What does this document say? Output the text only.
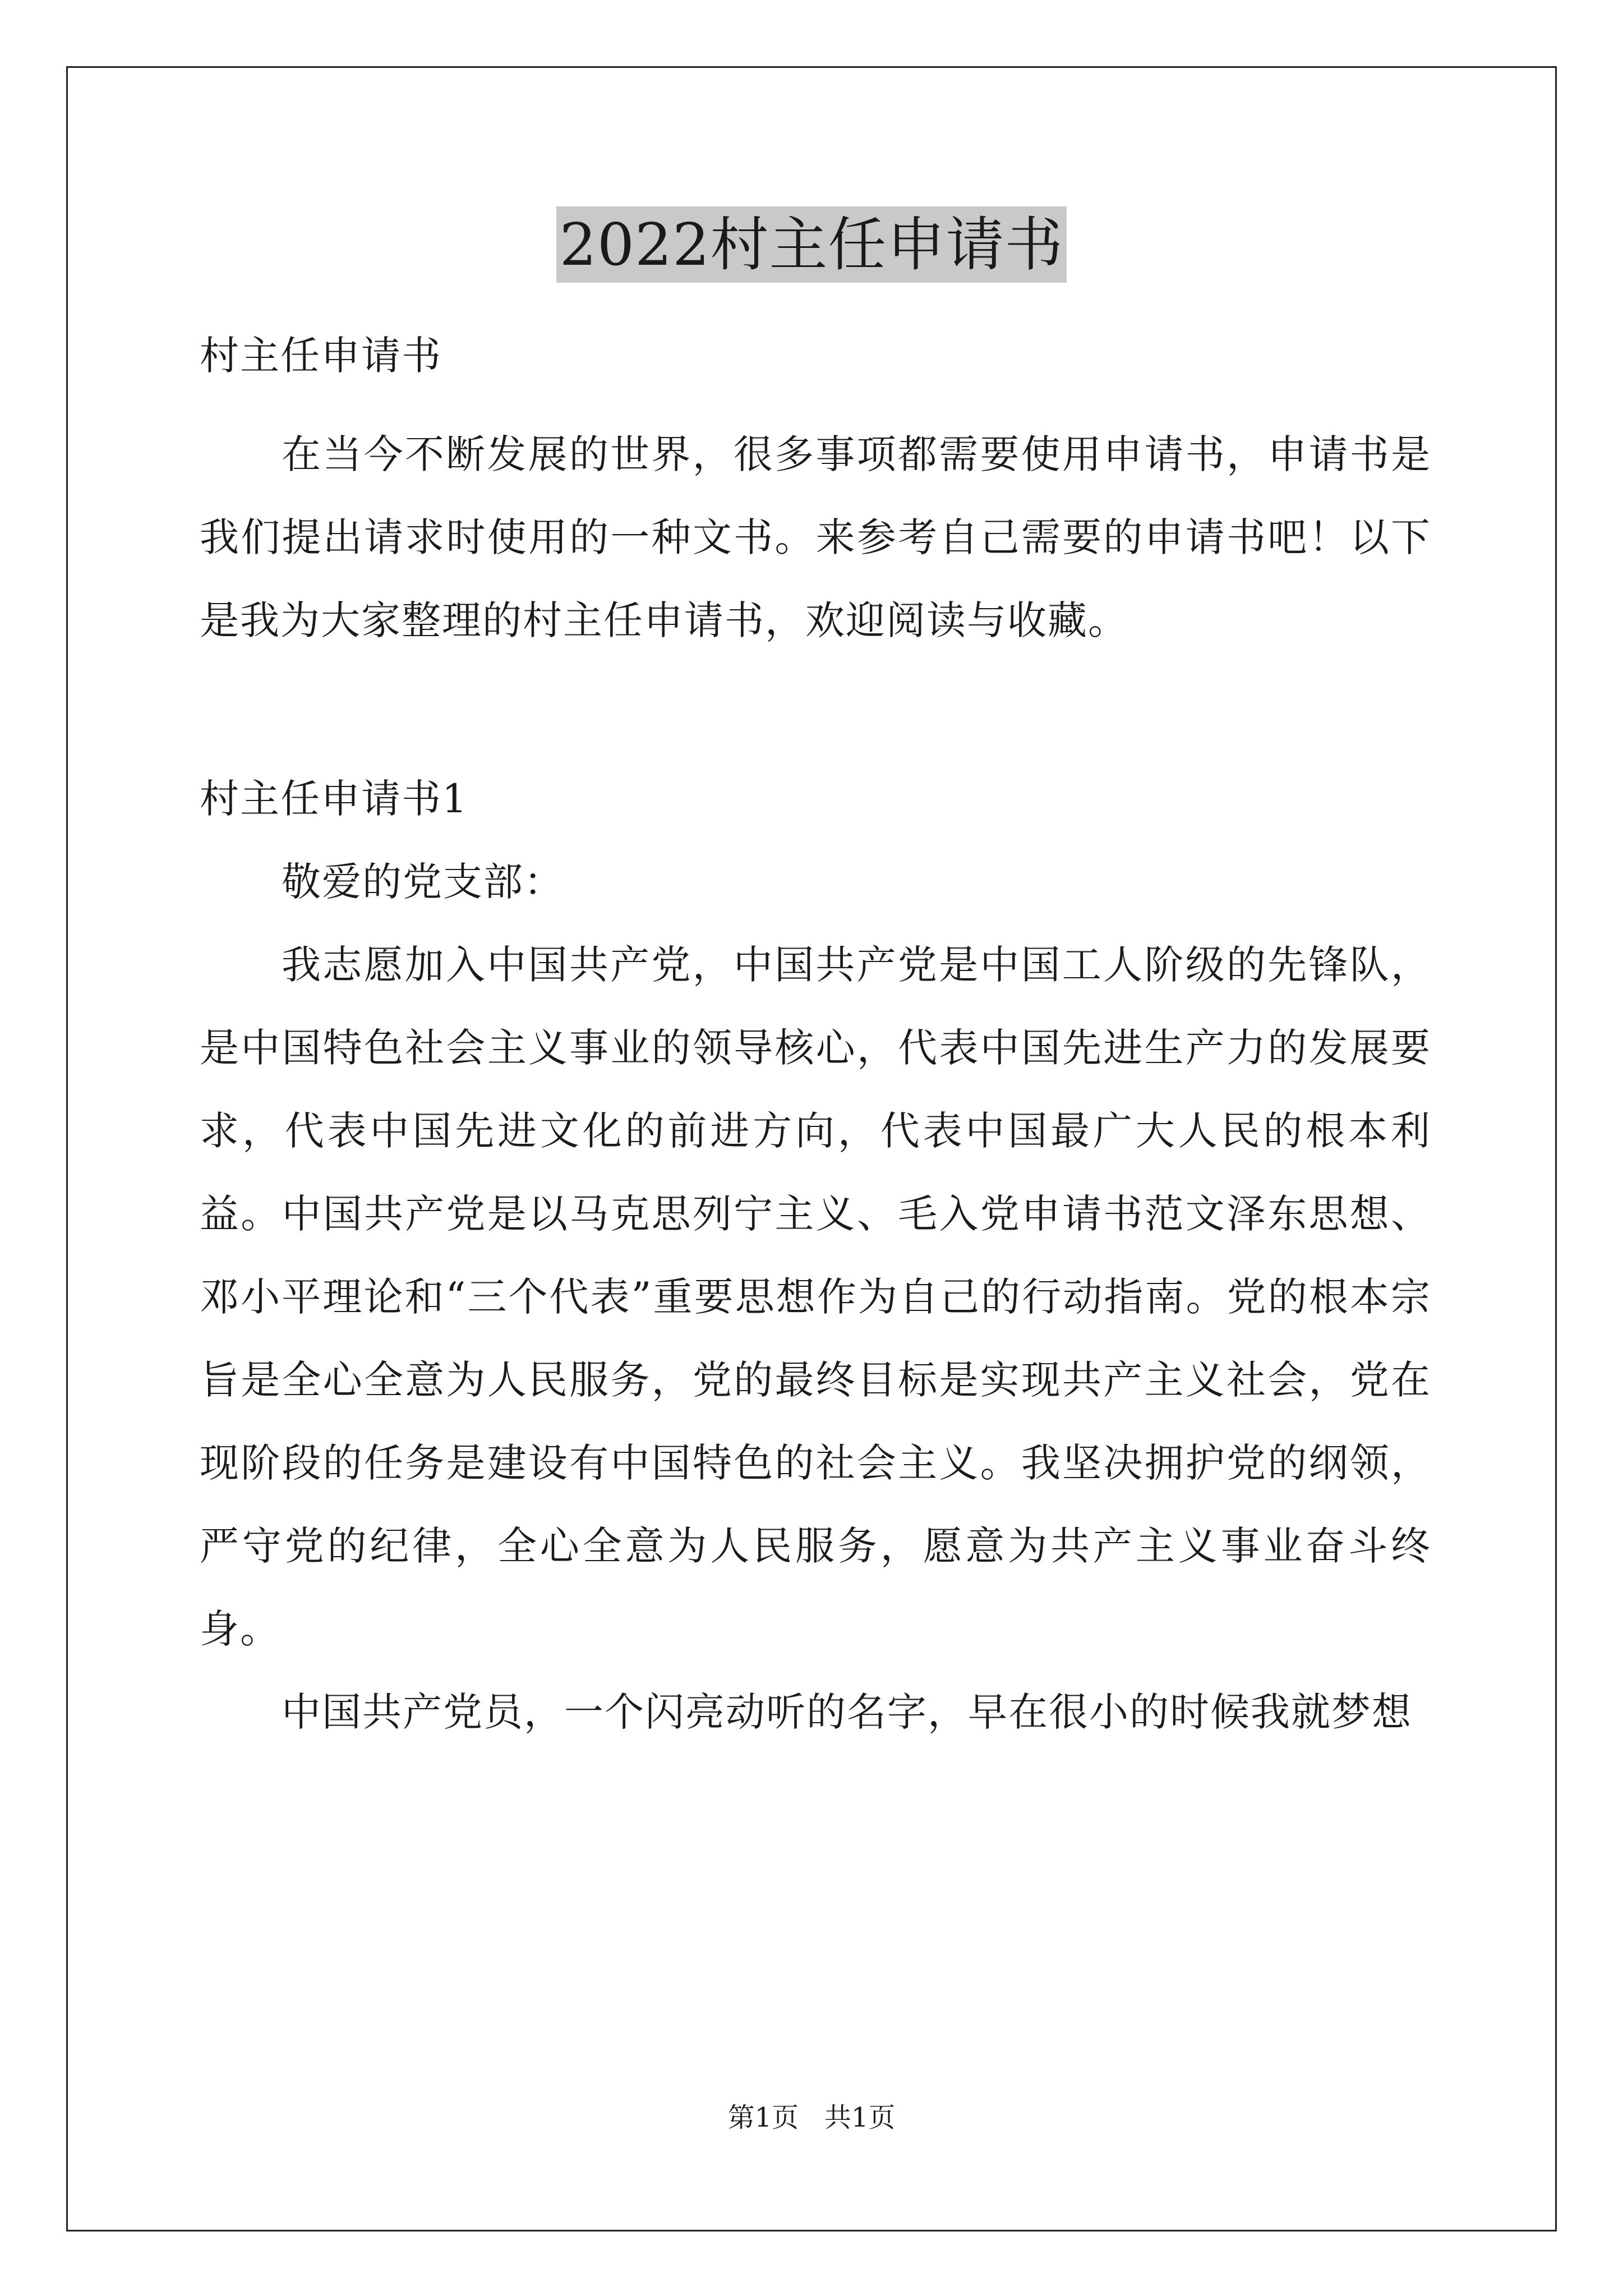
2022村主任申请书

村主任申请书

在当今不断发展的世界，很多事项都需要使用申请书，申请书是我们提出请求时使用的一种文书。来参考自己需要的申请书吧！以下是我为大家整理的村主任申请书，欢迎阅读与收藏。

村主任申请书1

敬爱的党支部：

我志愿加入中国共产党，中国共产党是中国工人阶级的先锋队，是中国特色社会主义事业的领导核心，代表中国先进生产力的发展要求，代表中国先进文化的前进方向，代表中国最广大人民的根本利益。中国共产党是以马克思列宁主义、毛入党申请书范文泽东思想、邓小平理论和“三个代表”重要思想作为自己的行动指南。党的根本宗旨是全心全意为人民服务，党的最终目标是实现共产主义社会，党在现阶段的任务是建设有中国特色的社会主义。我坚决拥护党的纲领，严守党的纪律，全心全意为人民服务，愿意为共产主义事业奋斗终身。

中国共产党员，一个闪亮动听的名字，早在很小的时候我就梦想

第1页   共1页
